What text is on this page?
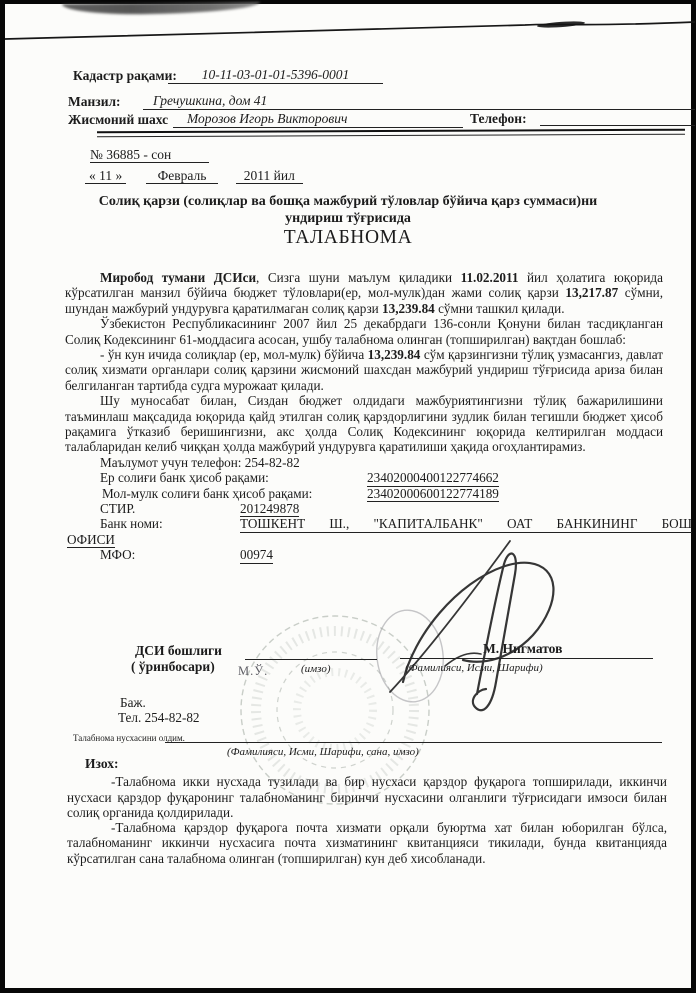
Кадастр рақами:	10-11-03-01-01-5396-0001
Манзил:	Гречушкина, дом 41
Жисмоний шахс	Морозов Игорь Викторович	Телефон:
№ 36885 - сон
« 11 »	Февраль	2011 йил
Солиқ қарзи (солиқлар ва бошқа мажбурий тўловлар бўйича қарз суммаси)ни
ундириш тўғрисида
ТАЛАБНОМА

Миробод тумани ДСИси, Сизга шуни маълум қиладики 11.02.2011 йил ҳолатига юқорида кўрсатилган манзил бўйича бюджет тўловлари(ер, мол-мулк)дан жами солиқ қарзи 13,217.87 сўмни, шундан мажбурий ундурувга қаратилмаган солиқ қарзи 13,239.84 сўмни ташкил қилади.

Ўзбекистон Республикасининг 2007 йил 25 декабрдаги 136-сонли Қонуни билан тасдиқланган Солиқ Кодексининг 61-моддасига асосан, ушбу талабнома олинган (топширилган) вақтдан бошлаб:

- ўн кун ичида солиқлар (ер, мол-мулк) бўйича 13,239.84 сўм қарзингизни тўлиқ узмасангиз, давлат солиқ хизмати органлари солиқ қарзини жисмоний шахсдан мажбурий ундириш тўғрисида ариза билан белгиланган тартибда судга мурожаат қилади.

Шу муносабат билан, Сиздан бюджет олдидаги мажбуриятингизни тўлиқ бажарилишини таъминлаш мақсадида юқорида қайд этилган солиқ қарздорлигини зудлик билан тегишли бюджет ҳисоб рақамига ўтказиб беришингизни, акс ҳолда Солиқ Кодексининг юқорида келтирилган моддаси талабларидан келиб чиққан ҳолда мажбурий ундурувга қаратилиши ҳақида огоҳлантирамиз.

Маълумот учун телефон: 254-82-82
Ер солиғи банк ҳисоб рақами:	23402000400122774662
Мол-мулк солиғи банк ҳисоб рақами:	23402000600122774189
СТИР.	201249878
Банк номи:	ТОШКЕНТ Ш., "КАПИТАЛБАНК" ОАТ БАНКИНИНГ БОШ
ОФИСИ
МФО:	00974
ДСИ бошлиги
( ўринбосари) М.Ў.	(имзо)
М. Нигматов
(Фамилияси, Исми, Шарифи)
Баж.
Тел. 254-82-82
Талабнома нусхасини олдим.
(Фамилияси, Исми, Шарифи, сана, имзо)
Изох:

-Талабнома икки нусхада тузилади ва бир нусхаси қарздор фуқарога топширилади, иккинчи нусхаси қарздор фуқаронинг талабноманинг биринчи нусхасини олганлиги тўғрисидаги имзоси билан солиқ органида қолдирилади.

-Талабнома қарздор фуқарога почта хизмати орқали буюртма хат билан юборилган бўлса, талабноманинг иккинчи нусхасига почта хизматининг квитанцияси тикилади, бунда квитанцияда кўрсатилган сана талабнома олинган (топширилган) кун деб хисобланади.
